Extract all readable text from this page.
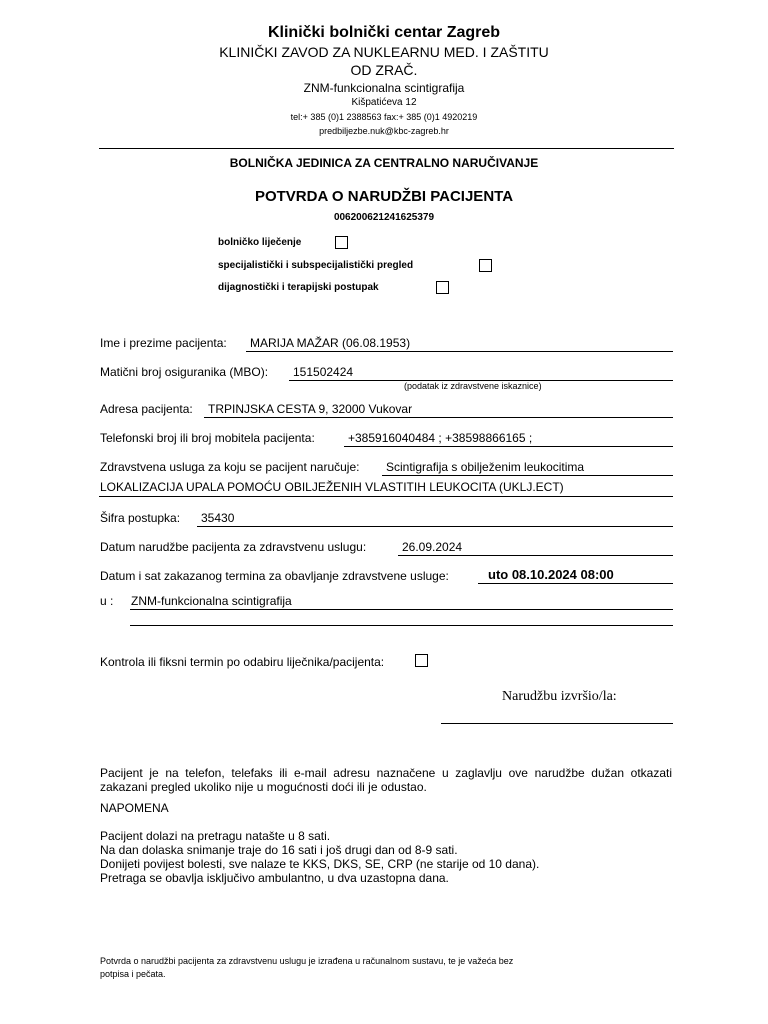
Klinički bolnički centar Zagreb
KLINIČKI ZAVOD ZA NUKLEARNU MED. I ZAŠTITU
OD ZRAČ.
ZNM-funkcionalna scintigrafija
Kišpatićeva 12
tel:+ 385 (0)1 2388563 fax:+ 385 (0)1 4920219
predbiljezbe.nuk@kbc-zagreb.hr
BOLNIČKA JEDINICA ZA CENTRALNO NARUČIVANJE
POTVRDA O NARUDŽBI PACIJENTA
006200621241625379
bolničko liječenje
specijalistički i subspecijalistički pregled
dijagnostički i terapijski postupak
Ime i prezime pacijenta: MARIJA MAŽAR (06.08.1953)
Matični broj osiguranika (MBO): 151502424
(podatak iz zdravstvene iskaznice)
Adresa pacijenta: TRPINJSKA CESTA 9, 32000 Vukovar
Telefonski broj ili broj mobitela pacijenta:	+385916040484 ; +38598866165 ;
Zdravstvena usluga za koju se pacijent naručuje: Scintigrafija s obilježenim leukocitima
LOKALIZACIJA UPALA POMOĆU OBILJEŽENIH VLASTITIH LEUKOCITA (UKLJ.ECT)
Šifra postupka: 35430
Datum narudžbe pacijenta za zdravstvenu uslugu:	26.09.2024
Datum i sat zakazanog termina za obavljanje zdravstvene usluge:	uto 08.10.2024 08:00
u : ZNM-funkcionalna scintigrafija
Kontrola ili fiksni termin po odabiru liječnika/pacijenta:
Narudžbu izvršio/la:
Pacijent je na telefon, telefaks ili e-mail adresu naznačene u zaglavlju ove narudžbe dužan otkazati zakazani pregled ukoliko nije u mogućnosti doći ili je odustao.
NAPOMENA
Pacijent dolazi na pretragu natašte u 8 sati.
Na dan dolaska snimanje traje do 16 sati i još drugi dan od 8-9 sati.
Donijeti povijest bolesti, sve nalaze te KKS, DKS, SE, CRP (ne starije od 10 dana).
Pretraga se obavlja isključivo ambulantno, u dva uzastopna dana.
Potvrda o narudžbi pacijenta za zdravstvenu uslugu je izrađena u računalnom sustavu, te je važeća bez
potpisa i pečata.
